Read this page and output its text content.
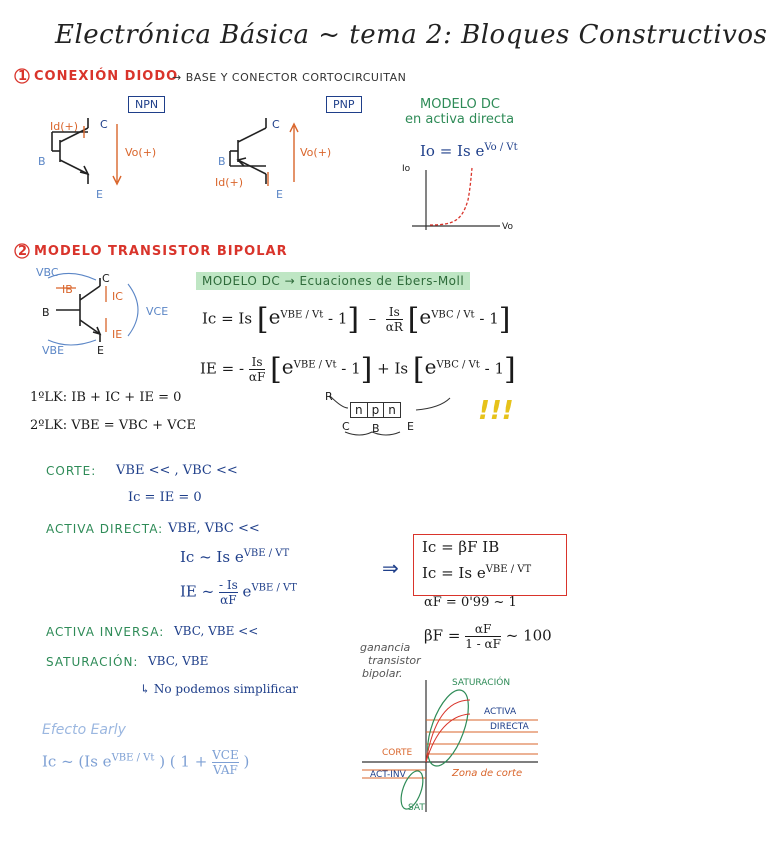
Electrónica Básica ~ tema 2: Bloques Constructivos
1 CONEXIÓN DIODO
→ BASE Y CONECTOR CORTOCIRCUITAN
NPN	PNP
Id(+) C
B
E
Vo(+)
C
B
E
Id(+)
Vo(+)
MODELO DC
en activa directa
Io = Is $e^{Vo / Vt}$
Io
Vo
2 MODELO TRANSISTOR BIPOLAR
VBC
IB
C
IC
B	VCE
IE
VBE	E
MODELO DC → Ecuaciones de Ebers-Moll
Ic = Is $[e^{VBE / Vt} - 1] - \frac{Is}{\alpha R} [e^{VBC / Vt} - 1]$
IE = - $\frac{Is}{\alpha F} [e^{VBE / Vt} - 1] + Is$ $[e^{VBC / Vt} - 1]$
1ºLK: IB + IC + IE = 0
2ºLK: VBE = VBC + VCE
n p n
C B E
R	!!!
CORTE: VBE << , VBC <<
Ic = IE = 0
ACTIVA DIRECTA: VBE, VBC <<
Ic ~ Is $e^{VBE / VT}$
IE ~ $\frac{- Is}{\alpha F} e^{VBE / VT}$
⇒
Ic = βF IB
Ic = Is $e^{VBE / VT}$
αF = 0'99 ~ 1
$\beta F = \frac{\alpha F}{1 - \alpha F}$ ~ 100
ACTIVA INVERSA: VBC, VBE <<
SATURACIÓN: VBC, VBE
↳ No podemos simplificar
ganancia
transistor
bipolar.
Efecto Early
Ic ~ (Is $e^{VBE / Vt}$ ) ( 1 + VCE
VAF )
SATURACIÓN
ACTIVA
DIRECTA
CORTE
ACT-INV	Zona de corte
SAT
